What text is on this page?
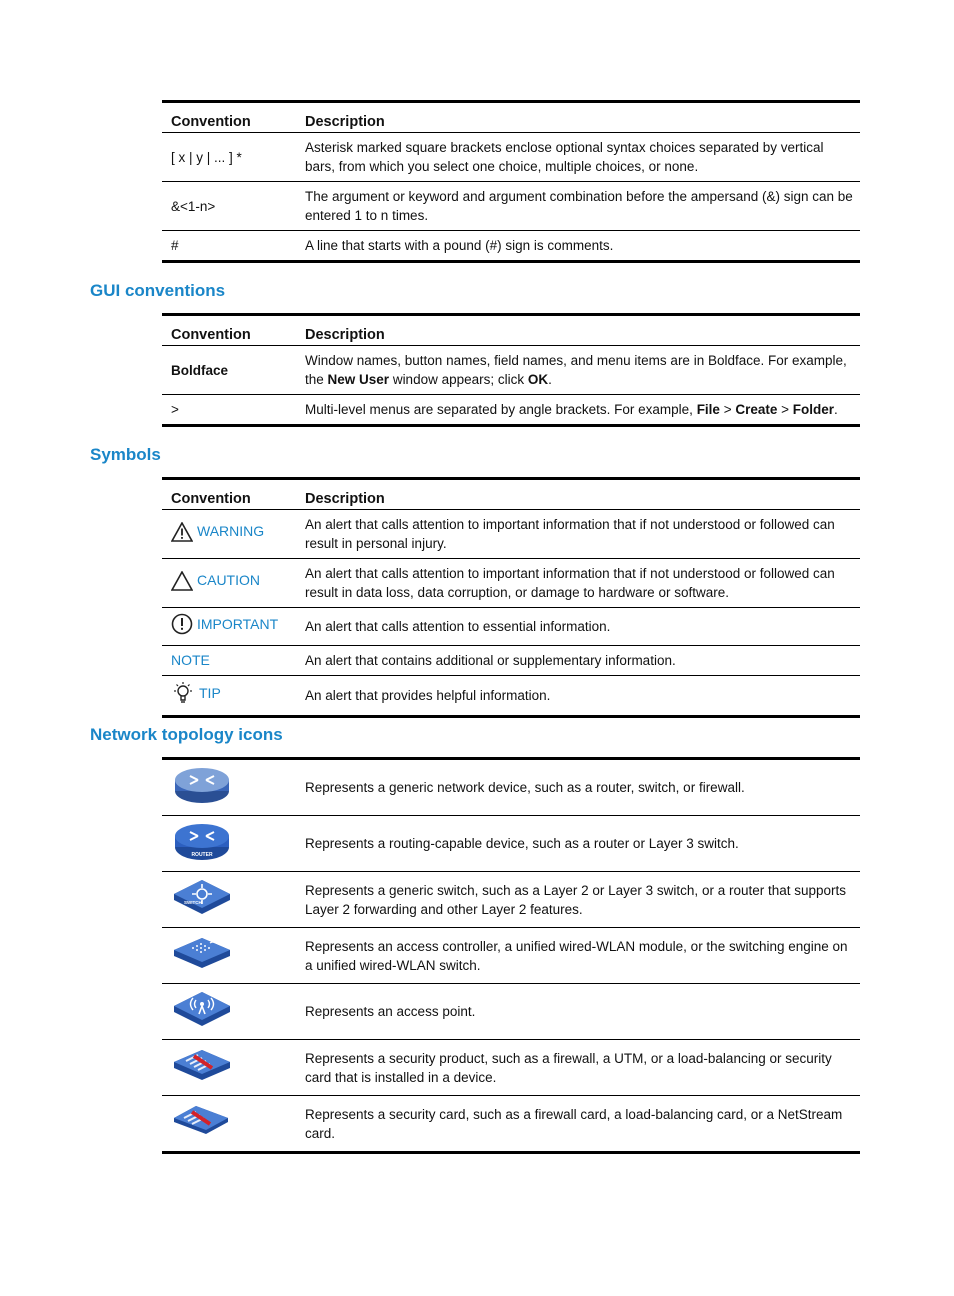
Convention	Description
[ x | y | ... ] *	Asterisk marked square brackets enclose optional syntax choices separated by vertical bars, from which you select one choice, multiple choices, or none.
&<1-n>	The argument or keyword and argument combination before the ampersand (&) sign can be entered 1 to n times.
#	A line that starts with a pound (#) sign is comments.
GUI conventions
Convention	Description
Boldface	Window names, button names, field names, and menu items are in Boldface. For example, the New User window appears; click OK.
>	Multi-level menus are separated by angle brackets. For example, File > Create > Folder.
Symbols
Convention	Description

WARNING	An alert that calls attention to important information that if not understood or followed can result in personal injury.

CAUTION	An alert that calls attention to important information that if not understood or followed can result in data loss, data corruption, or damage to hardware or software.

IMPORTANT	An alert that calls attention to essential information.
NOTE	An alert that contains additional or supplementary information.

TIP	An alert that provides helpful information.
Network topology icons
	Represents a generic network device, such as a router, switch, or firewall.

ROUTER	Represents a routing-capable device, such as a router or Layer 3 switch.

SWITCH	Represents a generic switch, such as a Layer 2 or Layer 3 switch, or a router that supports Layer 2 forwarding and other Layer 2 features.
	Represents an access controller, a unified wired-WLAN module, or the switching engine on a unified wired-WLAN switch.
	Represents an access point.
	Represents a security product, such as a firewall, a UTM, or a load-balancing or security card that is installed in a device.
	Represents a security card, such as a firewall card, a load-balancing card, or a NetStream card.
